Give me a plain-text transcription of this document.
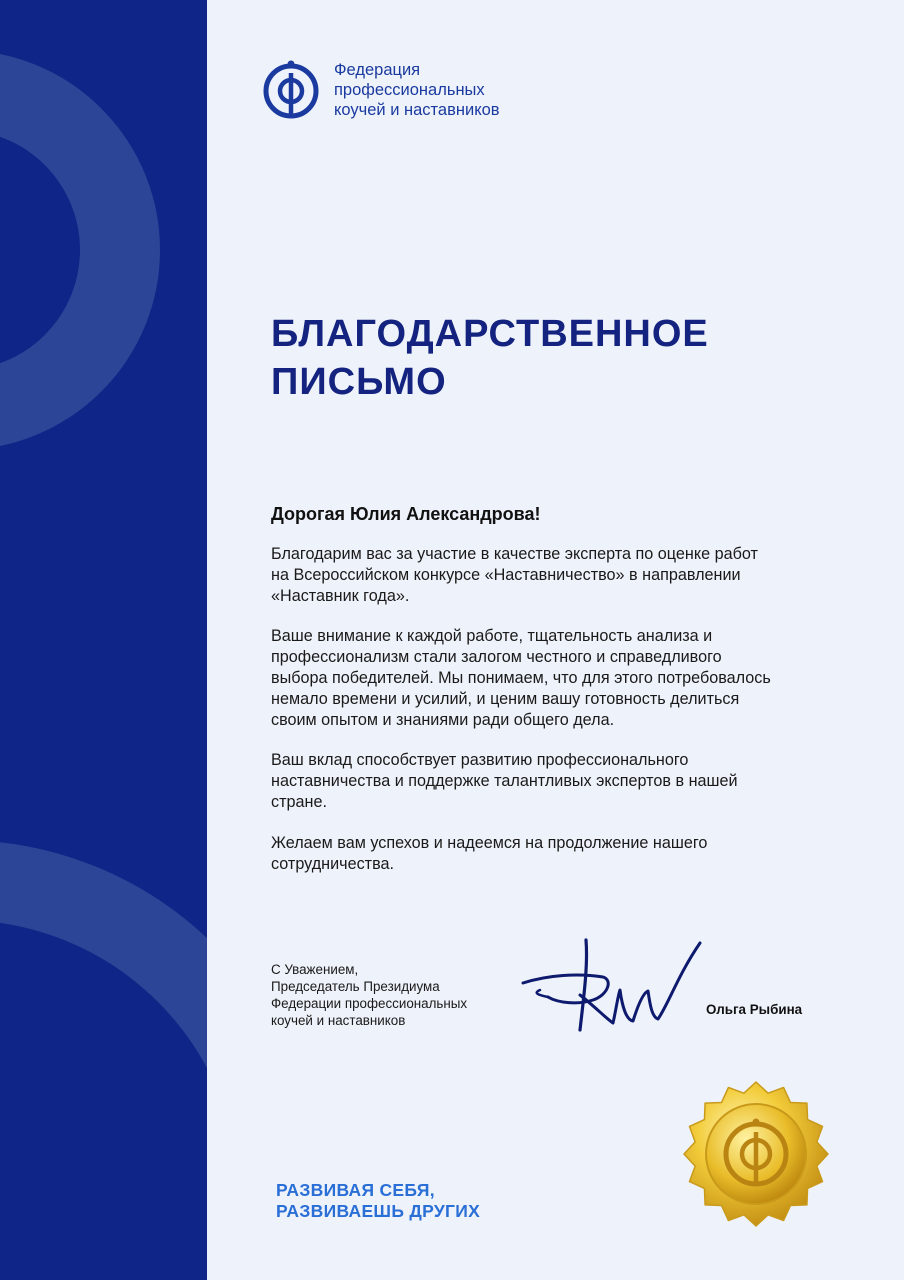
Федерация
профессиональных
коучей и наставников
БЛАГОДАРСТВЕННОЕ
ПИСЬМО
Дорогая Юлия Александрова!

Благодарим вас за участие в качестве эксперта по оценке работ
на Всероссийском конкурсе «Наставничество» в направлении
«Наставник года».

Ваше внимание к каждой работе, тщательность анализа и
профессионализм стали залогом честного и справедливого
выбора победителей. Мы понимаем, что для этого потребовалось
немало времени и усилий, и ценим вашу готовность делиться
своим опытом и знаниями ради общего дела.

Ваш вклад способствует развитию профессионального
наставничества и поддержке талантливых экспертов в нашей
стране.

Желаем вам успехов и надеемся на продолжение нашего
сотрудничества.

С Уважением,
Председатель Президиума
Федерации профессиональных
коучей и наставников
Ольга Рыбина
РАЗВИВАЯ СЕБЯ,
РАЗВИВАЕШЬ ДРУГИХ
